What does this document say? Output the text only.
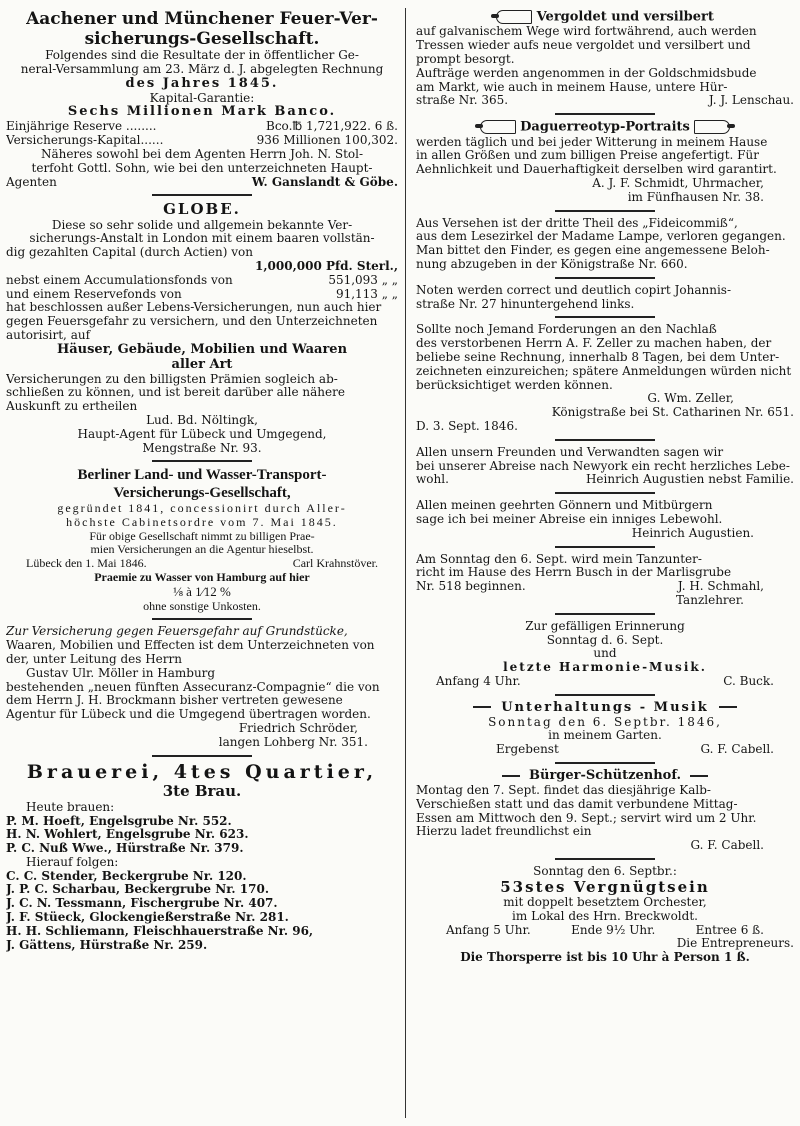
Aachener und Münchener Feuer-Ver-
sicherungs-Gesellschaft.
Folgendes sind die Resultate der in öffentlicher Ge-
neral-Versammlung am 23. März d. J. abgelegten Rechnung
des Jahres 1845.
Kapital-Garantie:
Sechs Millionen Mark Banco.
Einjährige Reserve ........	Bco.℔ 1,721,922. 6 ß.
Versicherungs-Kapital......	936 Millionen 100,302.
Näheres sowohl bei dem Agenten Herrn Joh. N. Stol-
terfoht Gottl. Sohn, wie bei den unterzeichneten Haupt-
Agenten	W. Ganslandt & Göbe.
GLOBE.
Diese so sehr solide und allgemein bekannte Ver-
sicherungs-Anstalt in London mit einem baaren vollstän-
dig gezahlten Capital (durch Actien) von
1,000,000 Pfd. Sterl.,
nebst einem Accumulationsfonds von	551,093 „ „
und einem Reservefonds von	91,113 „ „
hat beschlossen außer Lebens-Versicherungen, nun auch hier
gegen Feuersgefahr zu versichern, und den Unterzeichneten
autorisirt, auf
Häuser, Gebäude, Mobilien und Waaren
aller Art
Versicherungen zu den billigsten Prämien sogleich ab-
schließen zu können, und ist bereit darüber alle nähere
Auskunft zu ertheilen
Lud. Bd. Nöltingk,
Haupt-Agent für Lübeck und Umgegend,
Mengstraße Nr. 93.
Berliner Land- und Wasser-Transport-
Versicherungs-Gesellschaft,
gegründet 1841, concessionirt durch Aller-
höchste Cabinetsordre vom 7. Mai 1845.
Für obige Gesellschaft nimmt zu billigen Prae-
mien Versicherungen an die Agentur hieselbst.
Lübeck den 1. Mai 1846.	Carl Krahnstöver.
Praemie zu Wasser von Hamburg auf hier
⅛ à 1⁄12 %
ohne sonstige Unkosten.
Zur Versicherung gegen Feuersgefahr auf Grundstücke,
Waaren, Mobilien und Effecten ist dem Unterzeichneten von
der, unter Leitung des Herrn
Gustav Ulr. Möller in Hamburg
bestehenden „neuen fünften Assecuranz-Compagnie“ die von
dem Herrn J. H. Brockmann bisher vertreten gewesene
Agentur für Lübeck und die Umgegend übertragen worden.
Friedrich Schröder,
langen Lohberg Nr. 351.
Brauerei, 4tes Quartier,
3te Brau.
Heute brauen:
P. M. Hoeft, Engelsgrube Nr. 552.
H. N. Wohlert, Engelsgrube Nr. 623.
P. C. Nuß Wwe., Hürstraße Nr. 379.
Hierauf folgen:
C. C. Stender, Beckergrube Nr. 120.
J. P. C. Scharbau, Beckergrube Nr. 170.
J. C. N. Tessmann, Fischergrube Nr. 407.
J. F. Stüeck, Glockengießerstraße Nr. 281.
H. H. Schliemann, Fleischhauerstraße Nr. 96,
J. Gättens, Hürstraße Nr. 259.
Vergoldet und versilbert
auf galvanischem Wege wird fortwährend, auch werden
Tressen wieder aufs neue vergoldet und versilbert und
prompt besorgt.
Aufträge werden angenommen in der Goldschmidsbude
am Markt, wie auch in meinem Hause, untere Hür-
straße Nr. 365.	J. J. Lenschau.
Daguerreotyp-Portraits
werden täglich und bei jeder Witterung in meinem Hause
in allen Größen und zum billigen Preise angefertigt. Für
Aehnlichkeit und Dauerhaftigkeit derselben wird garantirt.
A. J. F. Schmidt, Uhrmacher,
im Fünfhausen Nr. 38.
Aus Versehen ist der dritte Theil des „Fideicommiß“,
aus dem Lesezirkel der Madame Lampe, verloren gegangen.
Man bittet den Finder, es gegen eine angemessene Beloh-
nung abzugeben in der Königstraße Nr. 660.
Noten werden correct und deutlich copirt Johannis-
straße Nr. 27 hinuntergehend links.
Sollte noch Jemand Forderungen an den Nachlaß
des verstorbenen Herrn A. F. Zeller zu machen haben, der
beliebe seine Rechnung, innerhalb 8 Tagen, bei dem Unter-
zeichneten einzureichen; spätere Anmeldungen würden nicht
berücksichtiget werden können.
G. Wm. Zeller,
Königstraße bei St. Catharinen Nr. 651.
D. 3. Sept. 1846.
Allen unsern Freunden und Verwandten sagen wir
bei unserer Abreise nach Newyork ein recht herzliches Lebe-
wohl.	Heinrich Augustien nebst Familie.
Allen meinen geehrten Gönnern und Mitbürgern
sage ich bei meiner Abreise ein inniges Lebewohl.
Heinrich Augustien.
Am Sonntag den 6. Sept. wird mein Tanzunter-
richt im Hause des Herrn Busch in der Marlisgrube
Nr. 518 beginnen.	J. H. Schmahl,
Tanzlehrer.
Zur gefälligen Erinnerung
Sonntag d. 6. Sept.
und
letzte Harmonie-Musik.
Anfang 4 Uhr.	C. Buck.
Unterhaltungs - Musik
Sonntag den 6. Septbr. 1846,
in meinem Garten.
Ergebenst	G. F. Cabell.
Bürger-Schützenhof.
Montag den 7. Sept. findet das diesjährige Kalb-
Verschießen statt und das damit verbundene Mittag-
Essen am Mittwoch den 9. Sept.; servirt wird um 2 Uhr.
Hierzu ladet freundlichst ein
G. F. Cabell.
Sonntag den 6. Septbr.:
53stes Vergnügtsein
mit doppelt besetztem Orchester,
im Lokal des Hrn. Breckwoldt.
Anfang 5 Uhr.	Ende 9½ Uhr.	Entree 6 ß.
Die Entrepreneurs.
Die Thorsperre ist bis 10 Uhr à Person 1 ß.
